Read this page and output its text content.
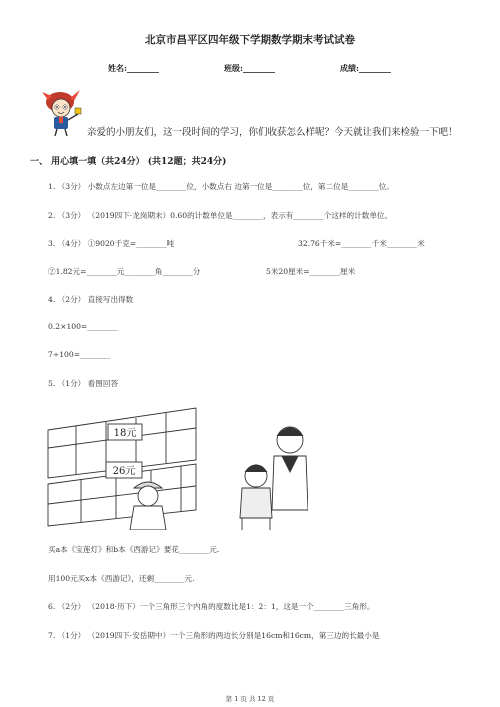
北京市昌平区四年级下学期数学期末考试试卷
姓名:________	班级:________	成绩:________
亲爱的小朋友们，这一段时间的学习，你们收获怎么样呢？今天就让我们来检验一下吧！
一、 用心填一填（共24分） (共12题；共24分)
1. （3分） 小数点左边第一位是________位，小数点右 边第一位是________位，第二位是________位。
2. （3分） （2019四下·龙岗期末）0.60的计数单位是________，表示有________个这样的计数单位。
3. （4分） ①9020千克=________吨	32.76千米=________千米________米
②1.82元=________元________角________分	5米20厘米=________厘米
4. （2分） 直接写出得数
0.2×100=________
7÷100=________
5. （1分） 看图回答
18元
26元
买a本《宝莲灯》和b本《西游记》要花________元.
用100元买x本《西游记》，还剩________元.
6. （2分） （2018·历下）一个三角形三个内角的度数比是1：2：1，这是一个________三角形。
7. （1分） （2019四下·安岳期中）一个三角形的两边长分别是16cm和16cm，第三边的长最小是
第 1 页 共 12 页
